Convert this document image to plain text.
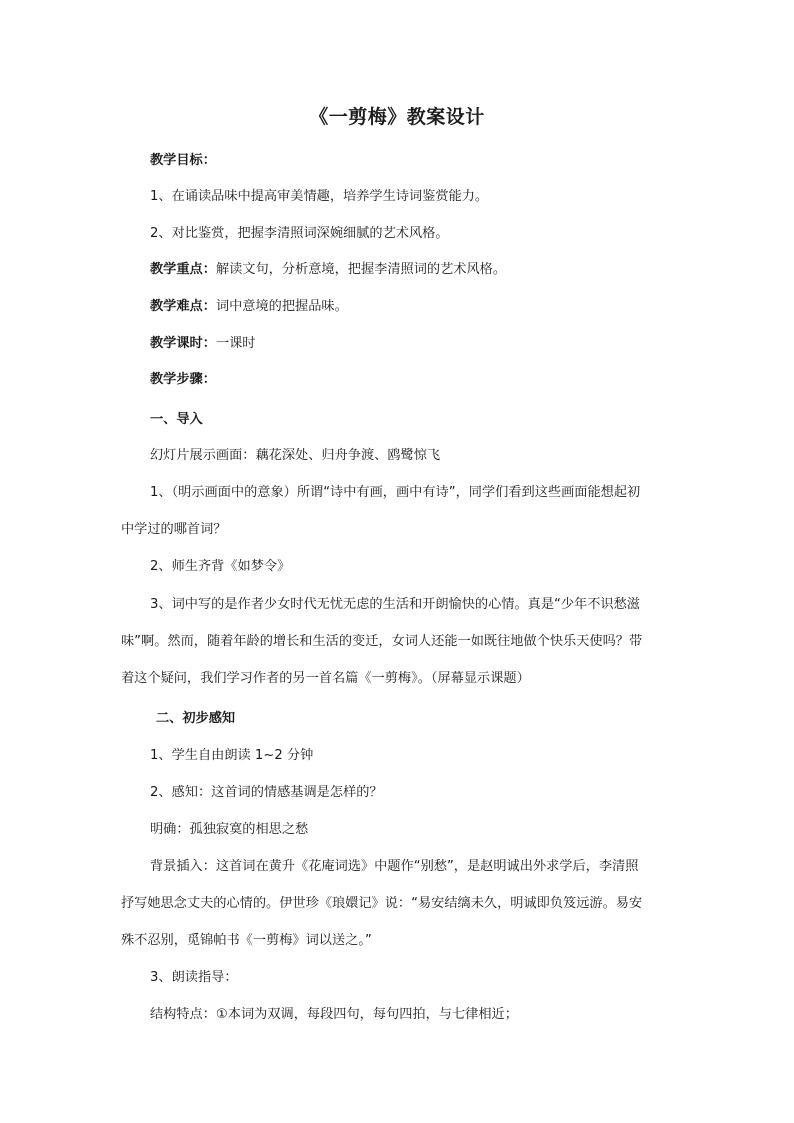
《一剪梅》教案设计
教学目标：
1、在诵读品味中提高审美情趣，培养学生诗词鉴赏能力。
2、对比鉴赏，把握李清照词深婉细腻的艺术风格。
教学重点：解读文句，分析意境，把握李清照词的艺术风格。
教学难点：词中意境的把握品味。
教学课时：一课时
教学步骤：
一、导入
幻灯片展示画面：藕花深处、归舟争渡、鸥鹭惊飞
1、（明示画面中的意象）所谓“诗中有画，画中有诗”，同学们看到这些画面能想起初
中学过的哪首词？
2、师生齐背《如梦令》
3、词中写的是作者少女时代无忧无虑的生活和开朗愉快的心情。真是“少年不识愁滋
味”啊。然而，随着年龄的增长和生活的变迁，女词人还能一如既往地做个快乐天使吗？带
着这个疑问，我们学习作者的另一首名篇《一剪梅》。（屏幕显示课题）
二、初步感知
1、学生自由朗读 1~2 分钟
2、感知：这首词的情感基调是怎样的？
明确：孤独寂寞的相思之愁
背景插入：这首词在黄升《花庵词选》中题作“别愁”，是赵明诚出外求学后，李清照
抒写她思念丈夫的心情的。伊世珍《琅嬛记》说：“易安结缡未久，明诚即负笈远游。易安
殊不忍别，觅锦帕书《一剪梅》词以送之。”
3、朗读指导：
结构特点：①本词为双调，每段四句，每句四拍，与七律相近；
